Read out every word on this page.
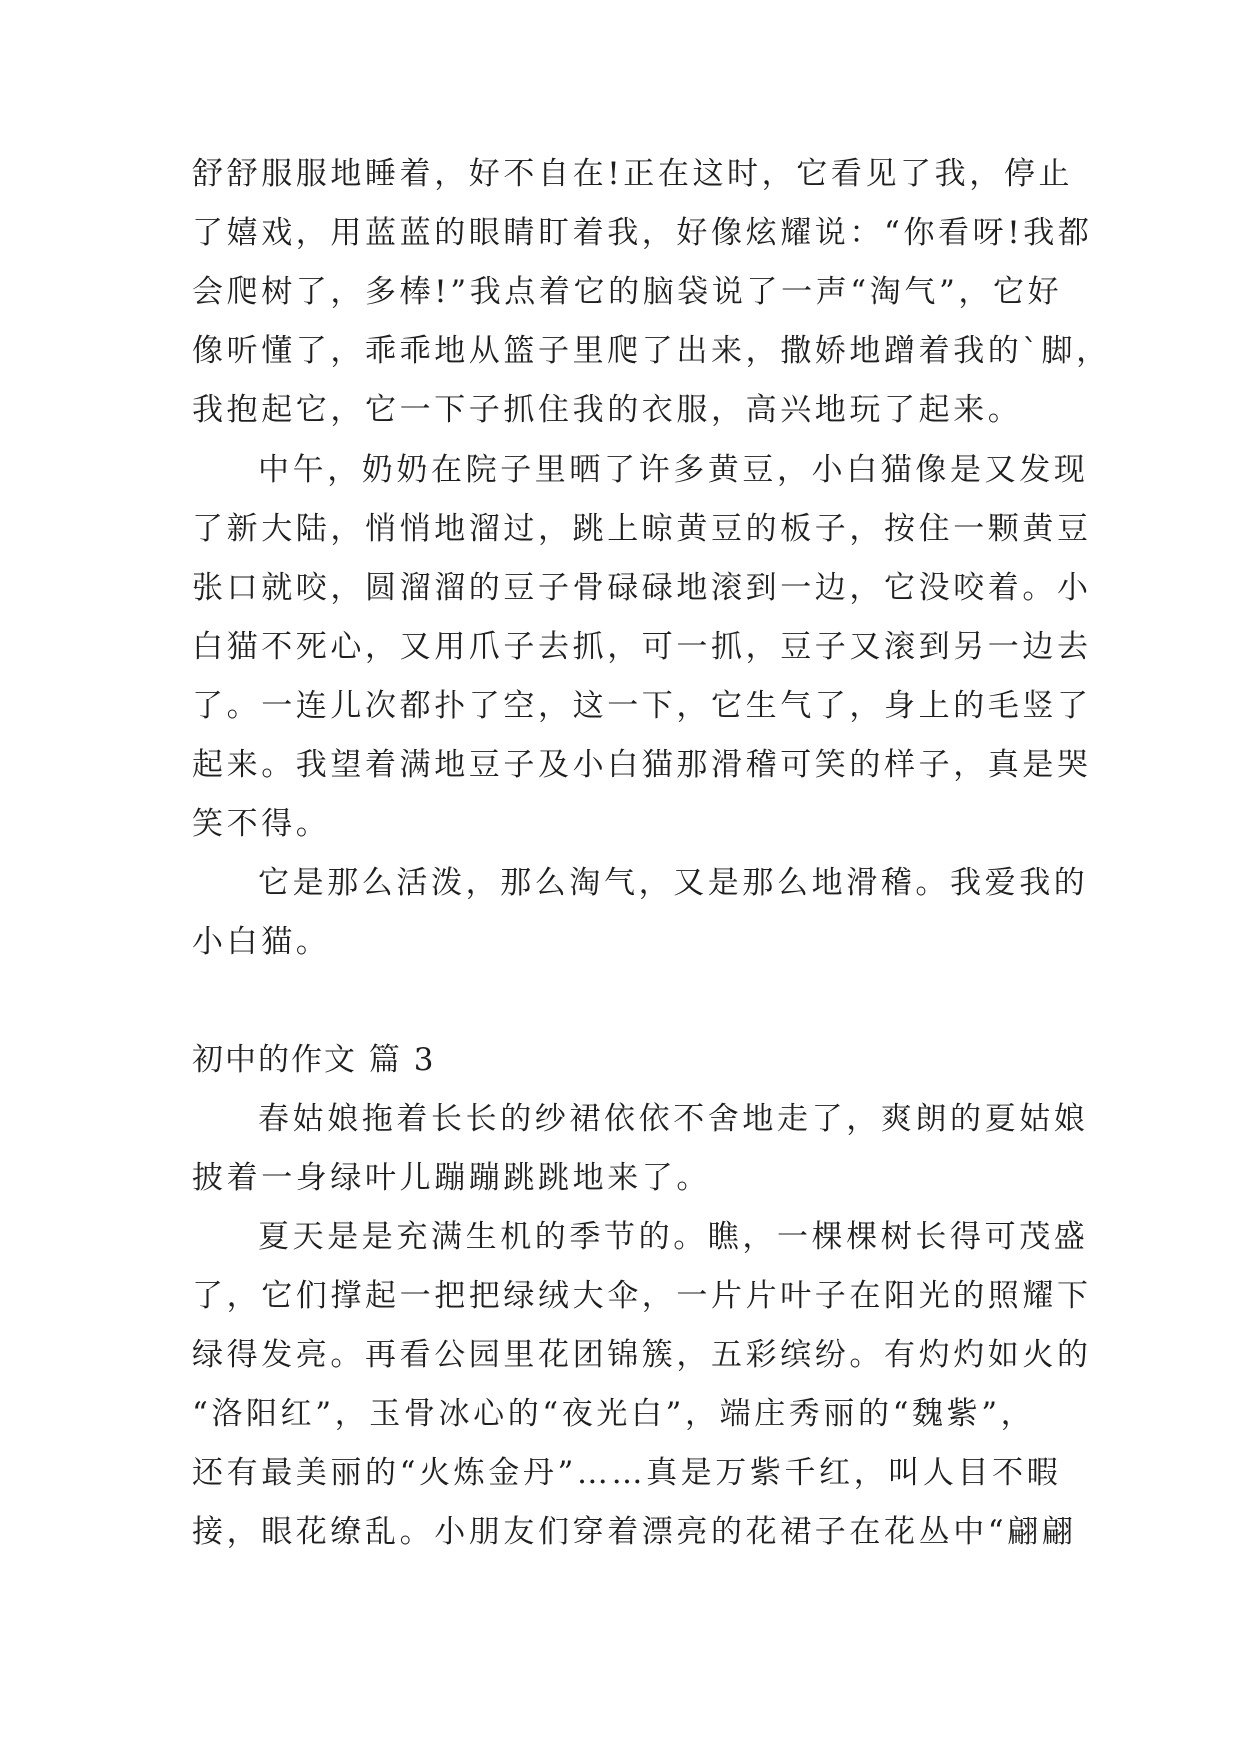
舒舒服服地睡着，好不自在!正在这时，它看见了我，停止
了嬉戏，用蓝蓝的眼睛盯着我，好像炫耀说：“你看呀!我都
会爬树了，多棒!”我点着它的脑袋说了一声“淘气”，它好
像听懂了，乖乖地从篮子里爬了出来，撒娇地蹭着我的`脚，
我抱起它，它一下子抓住我的衣服，高兴地玩了起来。
中午，奶奶在院子里晒了许多黄豆，小白猫像是又发现
了新大陆，悄悄地溜过，跳上晾黄豆的板子，按住一颗黄豆
张口就咬，圆溜溜的豆子骨碌碌地滚到一边，它没咬着。小
白猫不死心，又用爪子去抓，可一抓，豆子又滚到另一边去
了。一连儿次都扑了空，这一下，它生气了，身上的毛竖了
起来。我望着满地豆子及小白猫那滑稽可笑的样子，真是哭
笑不得。
它是那么活泼，那么淘气，又是那么地滑稽。我爱我的
小白猫。
初中的作文 篇 3
春姑娘拖着长长的纱裙依依不舍地走了，爽朗的夏姑娘
披着一身绿叶儿蹦蹦跳跳地来了。
夏天是是充满生机的季节的。瞧，一棵棵树长得可茂盛
了，它们撑起一把把绿绒大伞，一片片叶子在阳光的照耀下
绿得发亮。再看公园里花团锦簇，五彩缤纷。有灼灼如火的
“洛阳红”，玉骨冰心的“夜光白”，端庄秀丽的“魏紫”，
还有最美丽的“火炼金丹”……真是万紫千红，叫人目不暇
接，眼花缭乱。小朋友们穿着漂亮的花裙子在花丛中“翩翩
